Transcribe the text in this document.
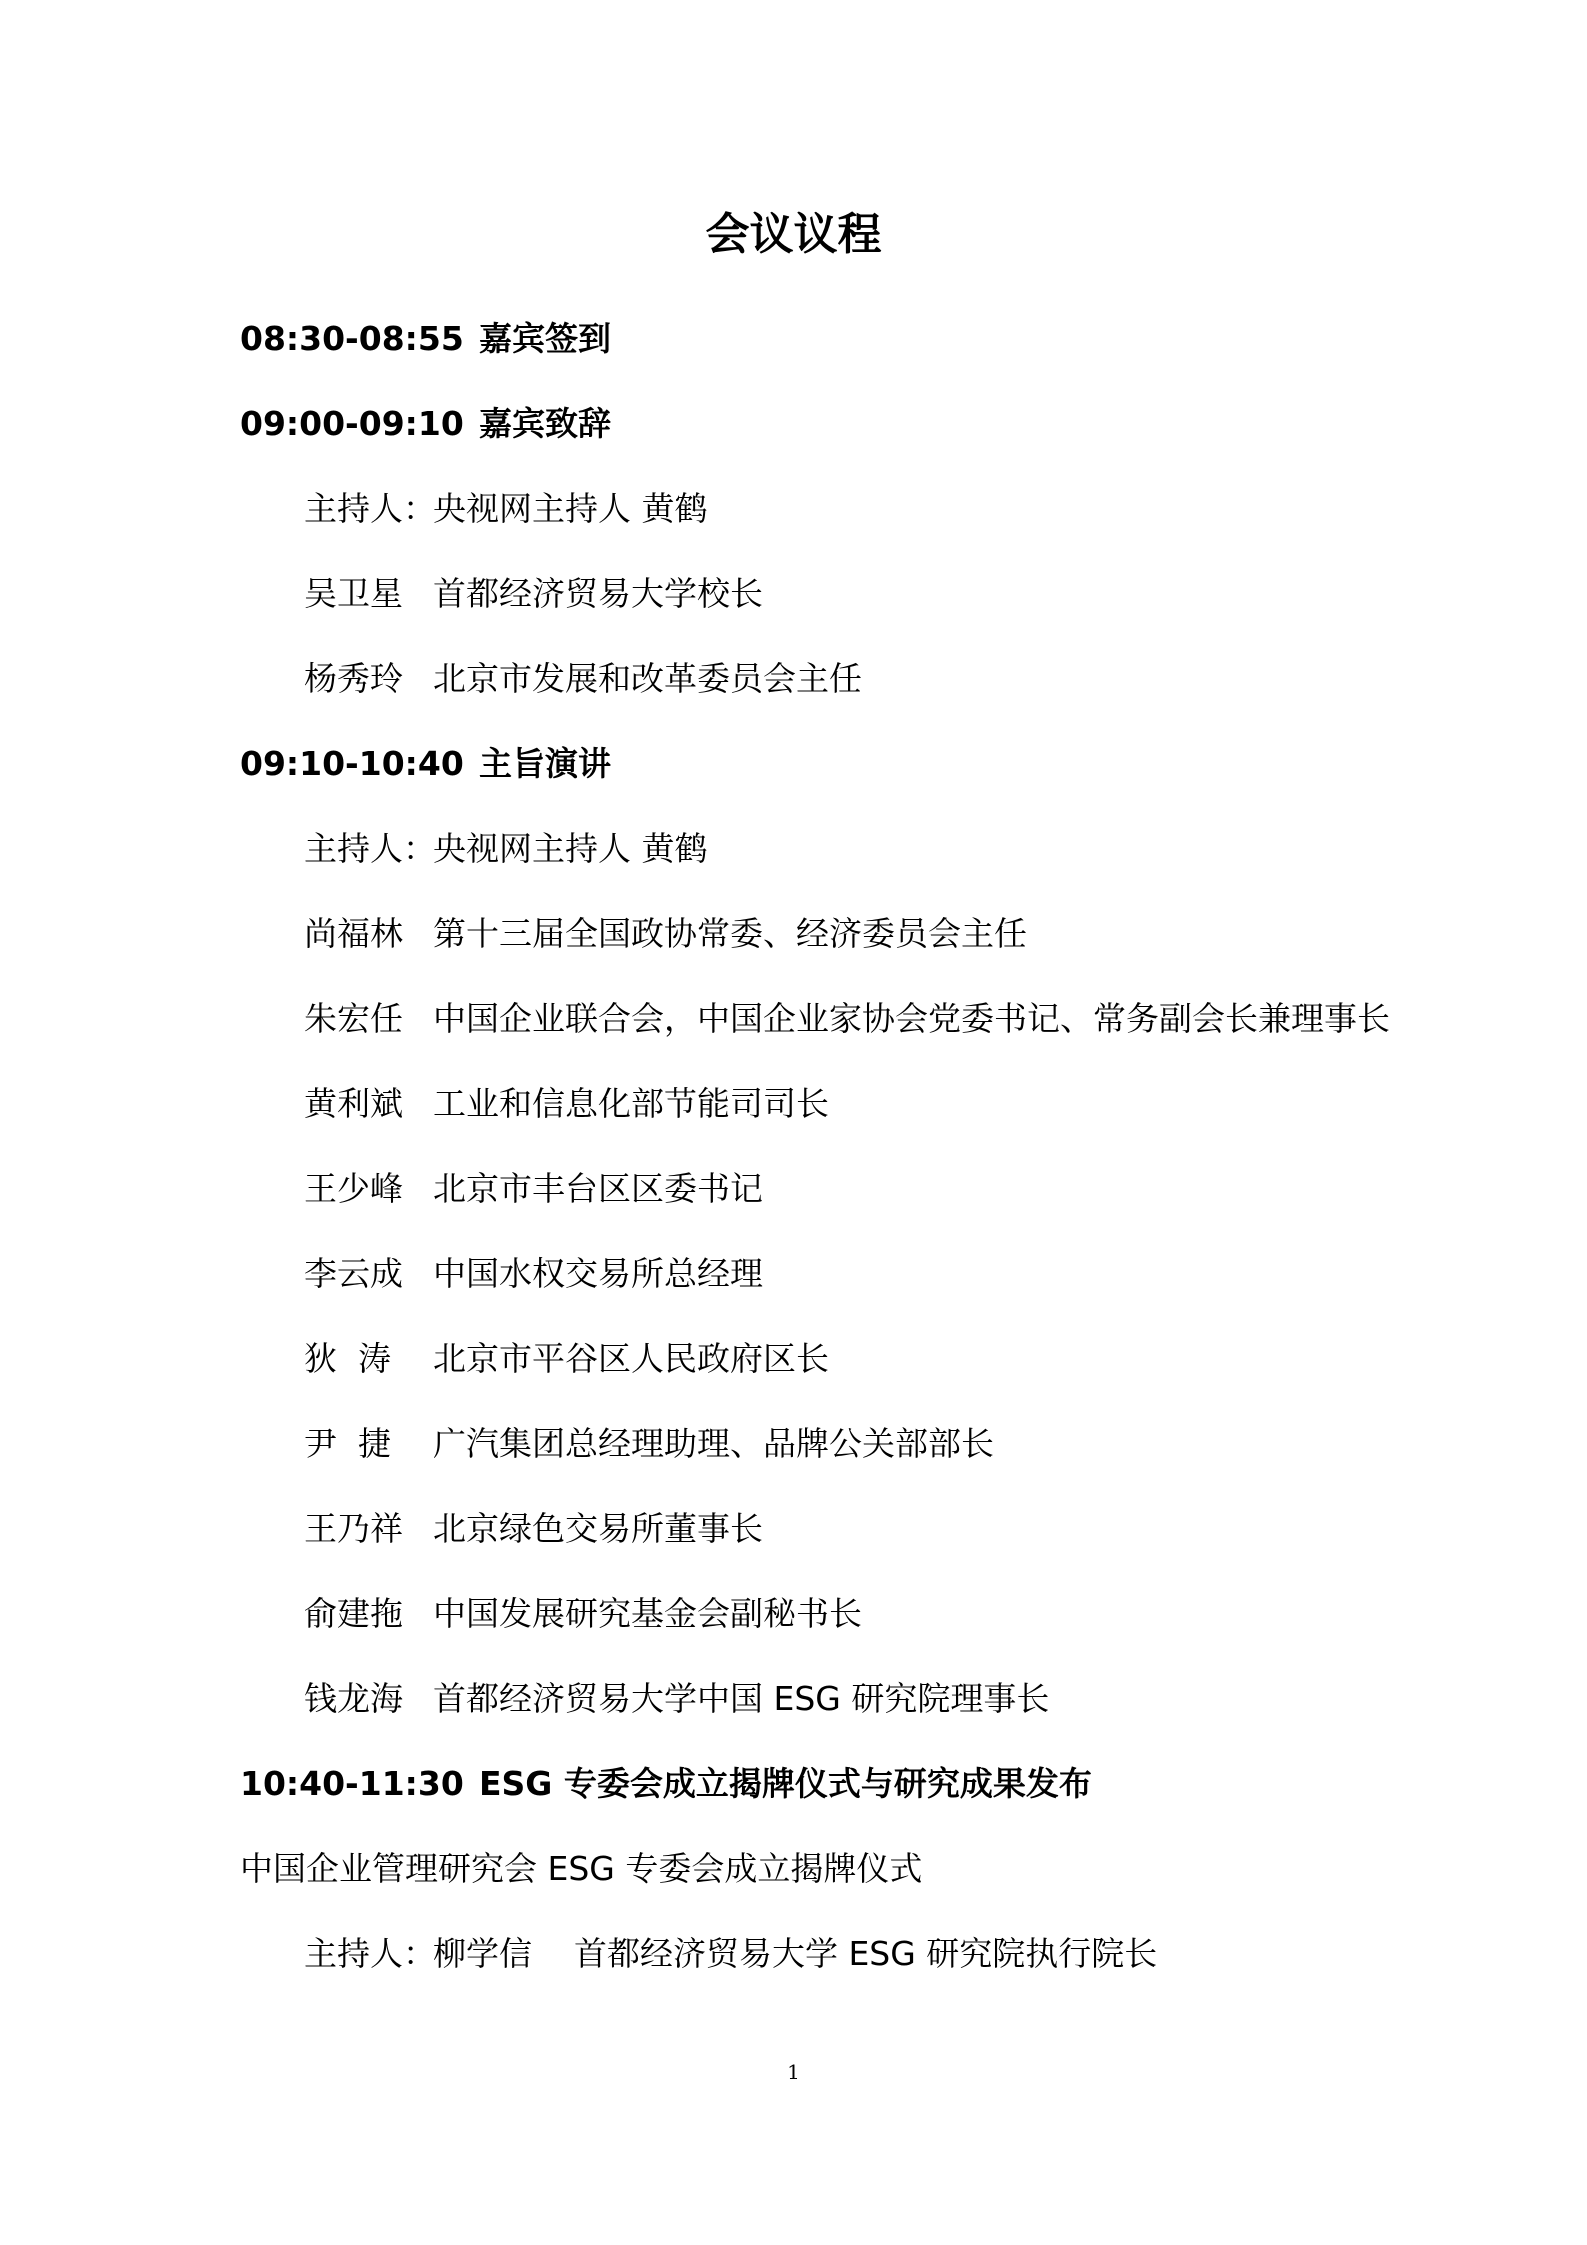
会议议程
08:30-08:55 嘉宾签到
09:00-09:10 嘉宾致辞
主持人：
央视网主持人 黄鹤
吴卫星 首都经济贸易大学校长
杨秀玲 北京市发展和改革委员会主任
09:10-10:40 主旨演讲
主持人：
央视网主持人 黄鹤
尚福林 第十三届全国政协常委、经济委员会主任
朱宏任 中国企业联合会，中国企业家协会党委书记、常务副会长兼理事长
黄利斌 工业和信息化部节能司司长
王少峰 北京市丰台区区委书记
李云成 中国水权交易所总经理
狄  涛 北京市平谷区人民政府区长
尹  捷 广汽集团总经理助理、品牌公关部部长
王乃祥 北京绿色交易所董事长
俞建拖 中国发展研究基金会副秘书长
钱龙海 首都经济贸易大学中国 ESG 研究院理事长
10:40-11:30 ESG 专委会成立揭牌仪式与研究成果发布
中国企业管理研究会 ESG 专委会成立揭牌仪式
主持人：
柳学信    首都经济贸易大学 ESG 研究院执行院长
1
